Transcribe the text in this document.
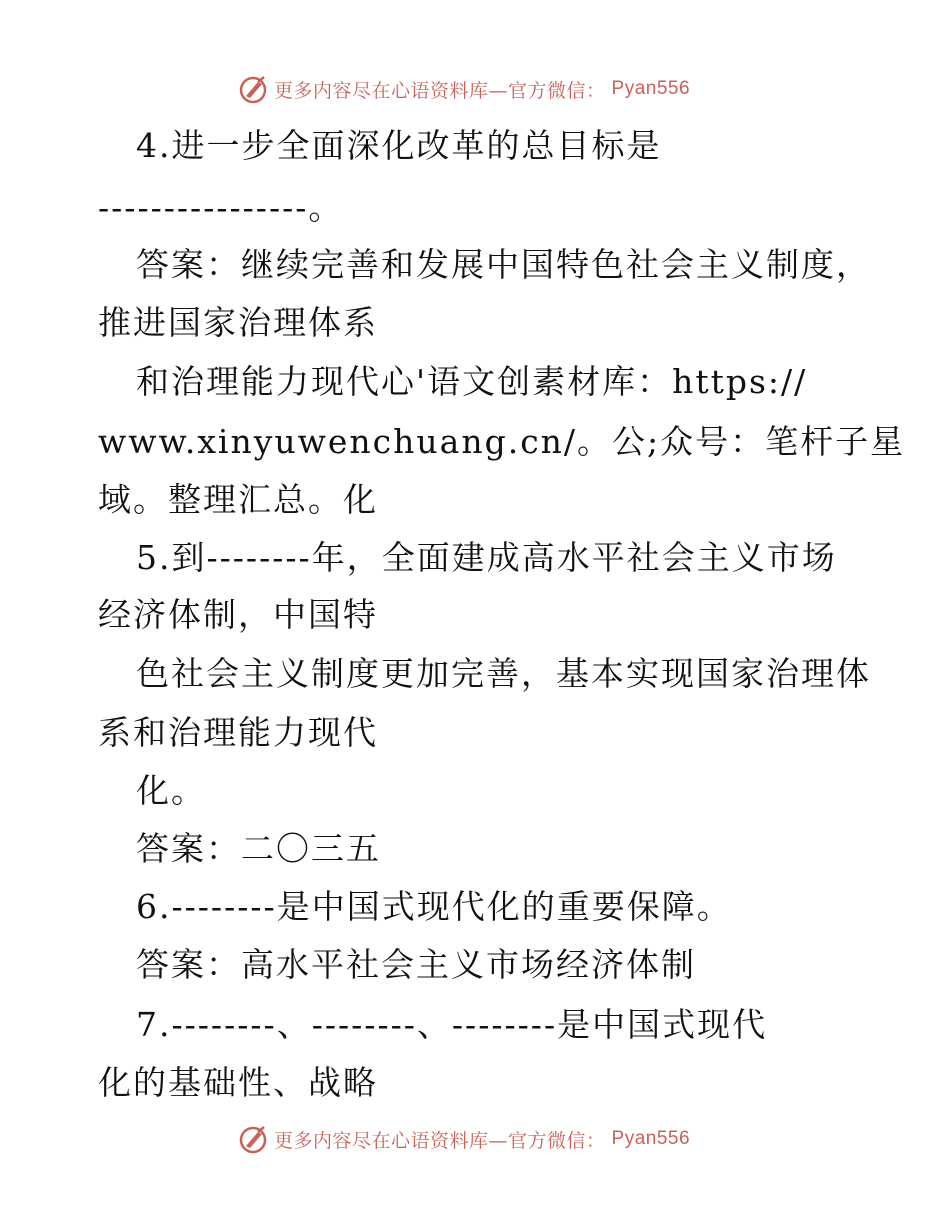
更多内容尽在心语资料库—官方微信： Pyan556
4.进一步全面深化改革的总目标是
----------------。
答案：继续完善和发展中国特色社会主义制度，
推进国家治理体系
和治理能力现代心'语文创素材库：https://
www.xinyuwenchuang.cn/。公;众号：笔杆子星
域。整理汇总。化
5.到--------年，全面建成高水平社会主义市场
经济体制，中国特
色社会主义制度更加完善，基本实现国家治理体
系和治理能力现代
化。
答案：二〇三五
6.--------是中国式现代化的重要保障。
答案：高水平社会主义市场经济体制
7.--------、--------、--------是中国式现代
化的基础性、战略
更多内容尽在心语资料库—官方微信： Pyan556
